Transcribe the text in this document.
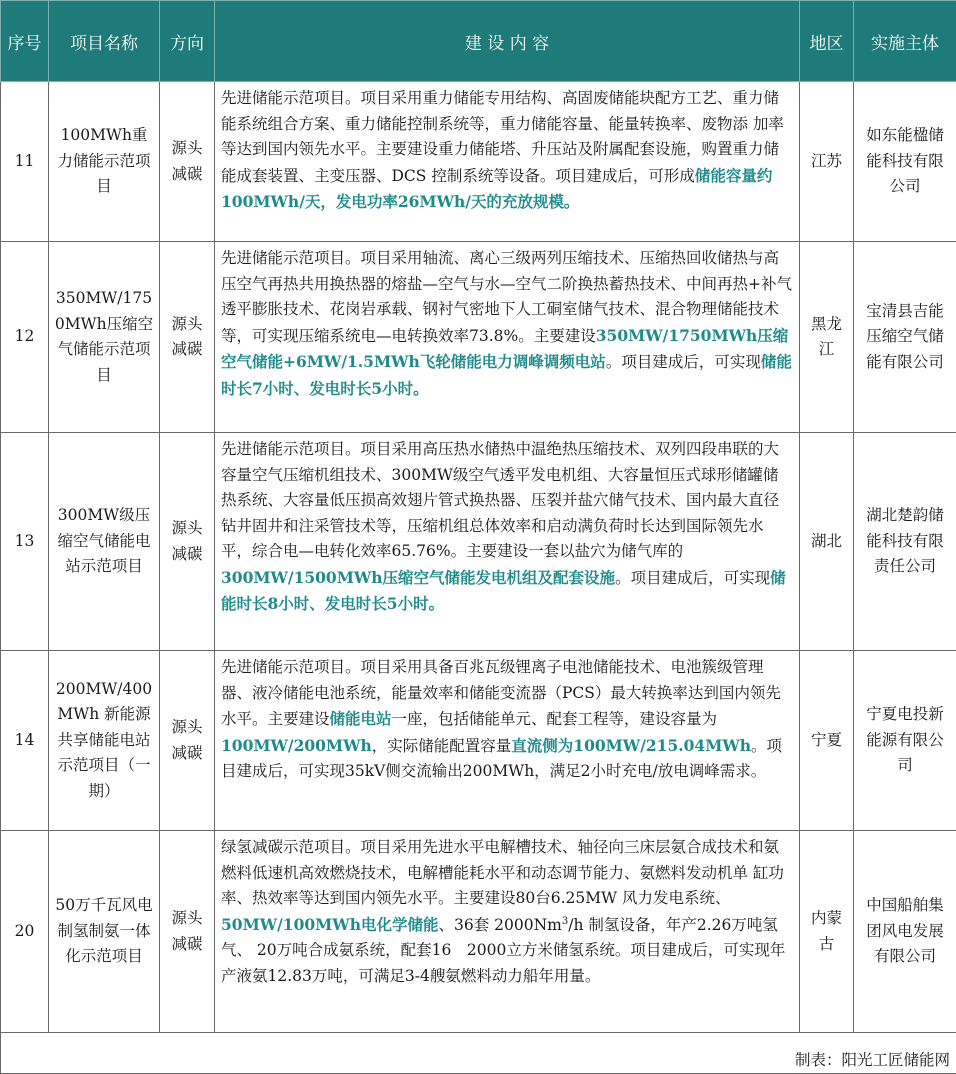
序号	项目名称	方向	建 设 内 容	地区	实施主体
11	100MWh重力储能示范项目	源头减碳	先进储能示范项目。项目采用重力储能专用结构、高固废储能块配方工艺、重力储能系统组合方案、重力储能控制系统等，重力储能容量、能量转换率、废物添 加率等达到国内领先水平。主要建设重力储能塔、升压站及附属配套设施，购置重力储能成套装置、主变压器、DCS 控制系统等设备。项目建成后，可形成储能容量约100MWh/天，发电功率26MWh/天的充放规模。	江苏	如东能楹储能科技有限公司
12	350MW/1750MWh压缩空气储能示范项目	源头减碳	先进储能示范项目。项目采用轴流、离心三级两列压缩技术、压缩热回收储热与高压空气再热共用换热器的熔盐—空气与水—空气二阶换热蓄热技术、中间再热+补气透平膨胀技术、花岗岩承载、钢衬气密地下人工硐室储气技术、混合物理储能技术等，可实现压缩系统电—电转换效率73.8%。主要建设350MW/1750MWh压缩空气储能+6MW/1.5MWh飞轮储能电力调峰调频电站。项目建成后，可实现储能时长7小时、发电时长5小时。	黑龙江	宝清县吉能压缩空气储能有限公司
13	300MW级压缩空气储能电站示范项目	源头减碳	先进储能示范项目。项目采用高压热水储热中温绝热压缩技术、双列四段串联的大容量空气压缩机组技术、300MW级空气透平发电机组、大容量恒压式球形储罐储热系统、大容量低压损高效翅片管式换热器、压裂并盐穴储气技术、国内最大直径钻井固井和注采管技术等，压缩机组总体效率和启动满负荷时长达到国际领先水平，综合电—电转化效率65.76%。主要建设一套以盐穴为储气库的300MW/1500MWh压缩空气储能发电机组及配套设施。项目建成后，可实现储能时长8小时、发电时长5小时。	湖北	湖北楚韵储能科技有限责任公司
14	200MW/400MWh 新能源共享储能电站示范项目（一期）	源头减碳	先进储能示范项目。项目采用具备百兆瓦级锂离子电池储能技术、电池簇级管理器、液冷储能电池系统，能量效率和储能变流器（PCS）最大转换率达到国内领先水平。主要建设储能电站一座，包括储能单元、配套工程等，建设容量为100MW/200MWh，实际储能配置容量直流侧为100MW/215.04MWh。项目建成后，可实现35kV侧交流输出200MWh，满足2小时充电/放电调峰需求。	宁夏	宁夏电投新能源有限公司
20	50万千瓦风电制氢制氨一体化示范项目	源头减碳	绿氢减碳示范项目。项目采用先进水平电解槽技术、轴径向三床层氨合成技术和氨燃料低速机高效燃烧技术，电解槽能耗水平和动态调节能力、氨燃料发动机单 缸功率、热效率等达到国内领先水平。主要建设80台6.25MW 风力发电系统、 50MW/100MWh电化学储能、36套 2000Nm$^3$/h 制氢设备，年产2.26万吨氢气、 20万吨合成氨系统，配套16　2000立方米储氢系统。项目建成后，可实现年产液氨12.83万吨，可满足3-4艘氨燃料动力船年用量。	内蒙古	中国船舶集团风电发展有限公司
制表：阳光工匠储能网					
